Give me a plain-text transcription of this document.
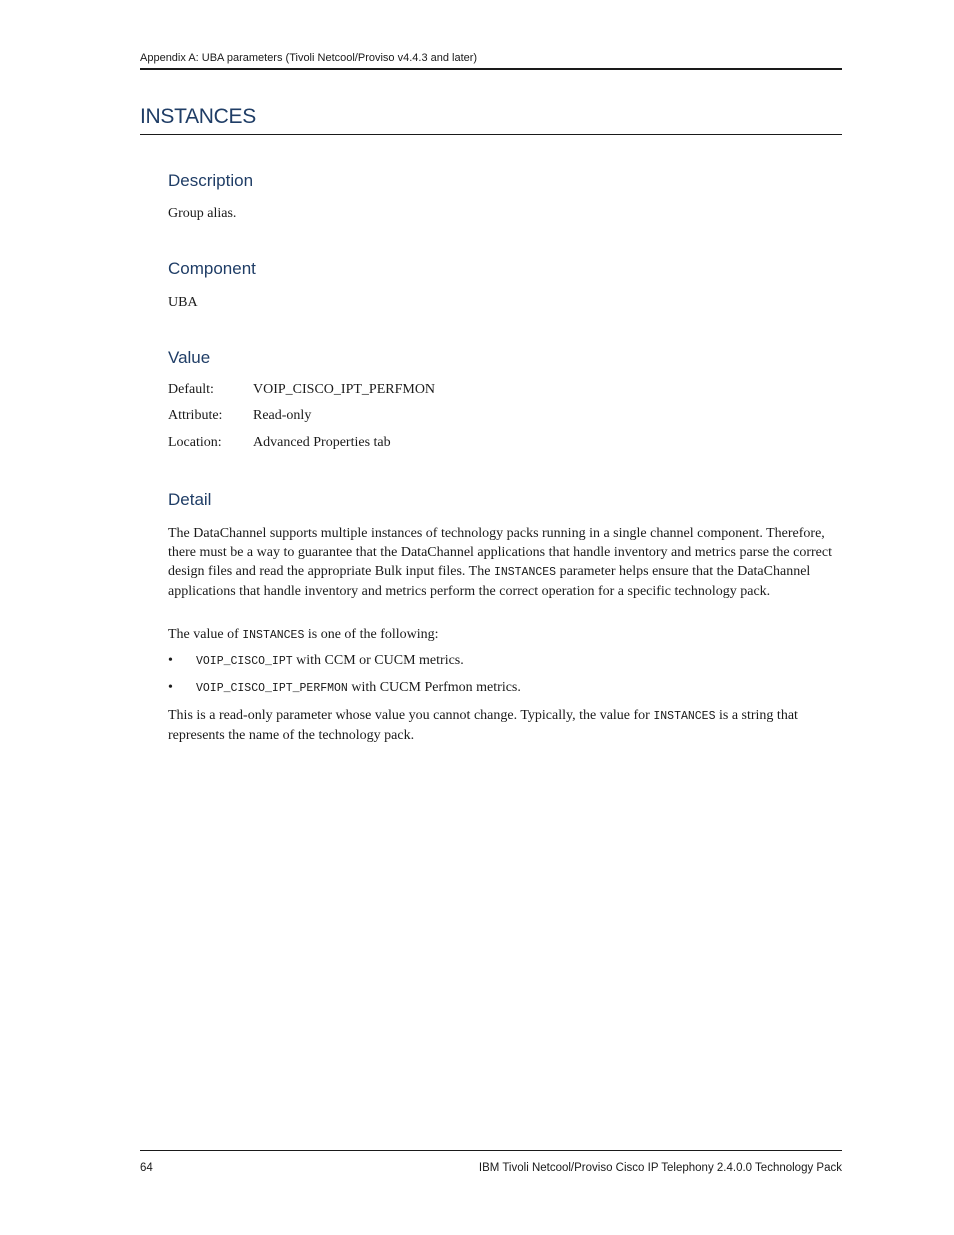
Appendix A: UBA parameters (Tivoli Netcool/Proviso v4.4.3 and later)
INSTANCES
Description
Group alias.
Component
UBA
Value
Default:	VOIP_CISCO_IPT_PERFMON
Attribute: Read-only
Location: Advanced Properties tab
Detail
The DataChannel supports multiple instances of technology packs running in a single channel component. Therefore, there must be a way to guarantee that the DataChannel applications that handle inventory and metrics parse the correct design files and read the appropriate Bulk input files. The INSTANCES parameter helps ensure that the DataChannel applications that handle inventory and metrics perform the correct operation for a specific technology pack.
The value of INSTANCES is one of the following:
• VOIP_CISCO_IPT with CCM or CUCM metrics.
• VOIP_CISCO_IPT_PERFMON with CUCM Perfmon metrics.
This is a read-only parameter whose value you cannot change. Typically, the value for INSTANCES is a string that represents the name of the technology pack.
64	IBM Tivoli Netcool/Proviso Cisco IP Telephony 2.4.0.0 Technology Pack
